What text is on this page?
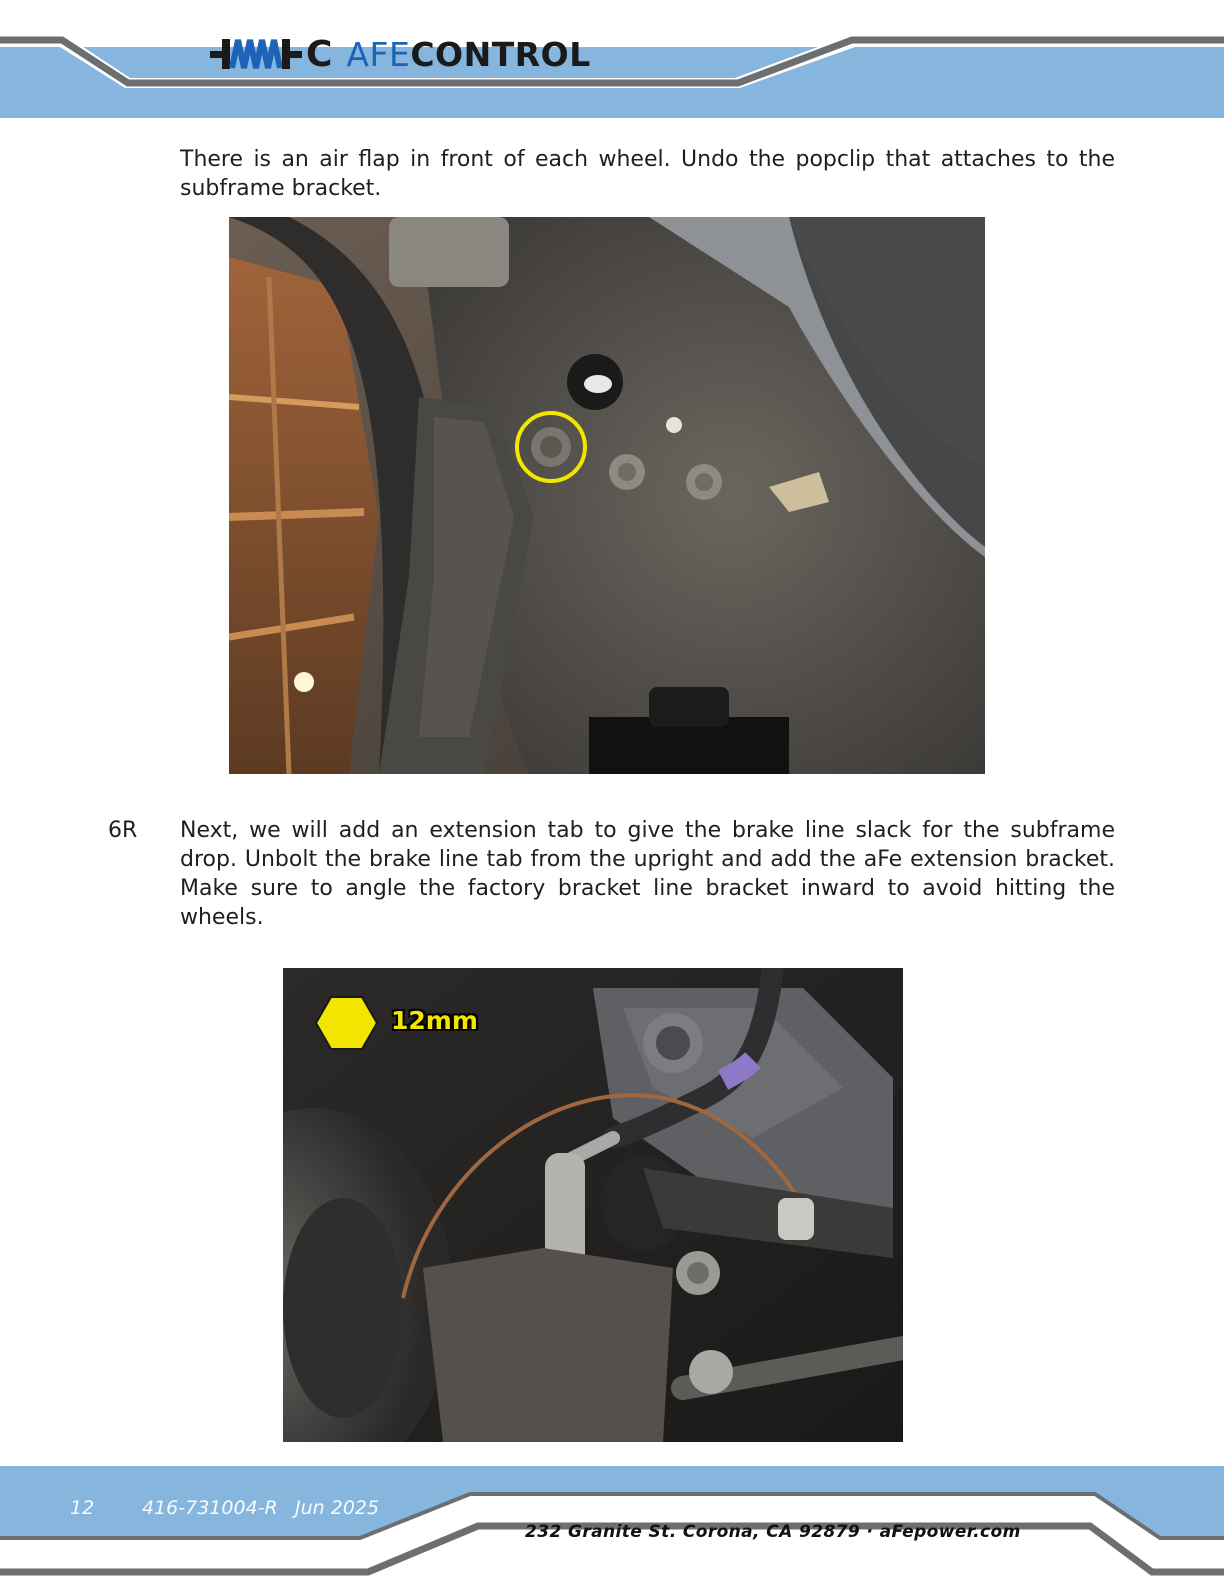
C AFE CONTROL
There is an air flap in front of each wheel. Undo the popclip that attaches to the subframe bracket.
6R Next, we will add an extension tab to give the brake line slack for the subframe drop. Unbolt the brake line tab from the upright and add the aFe extension bracket. Make sure to angle the factory bracket line bracket inward to avoid hitting the wheels.
12mm
12	416-731004-R Jun 2025
232 Granite St. Corona, CA 92879 · aFepower.com
